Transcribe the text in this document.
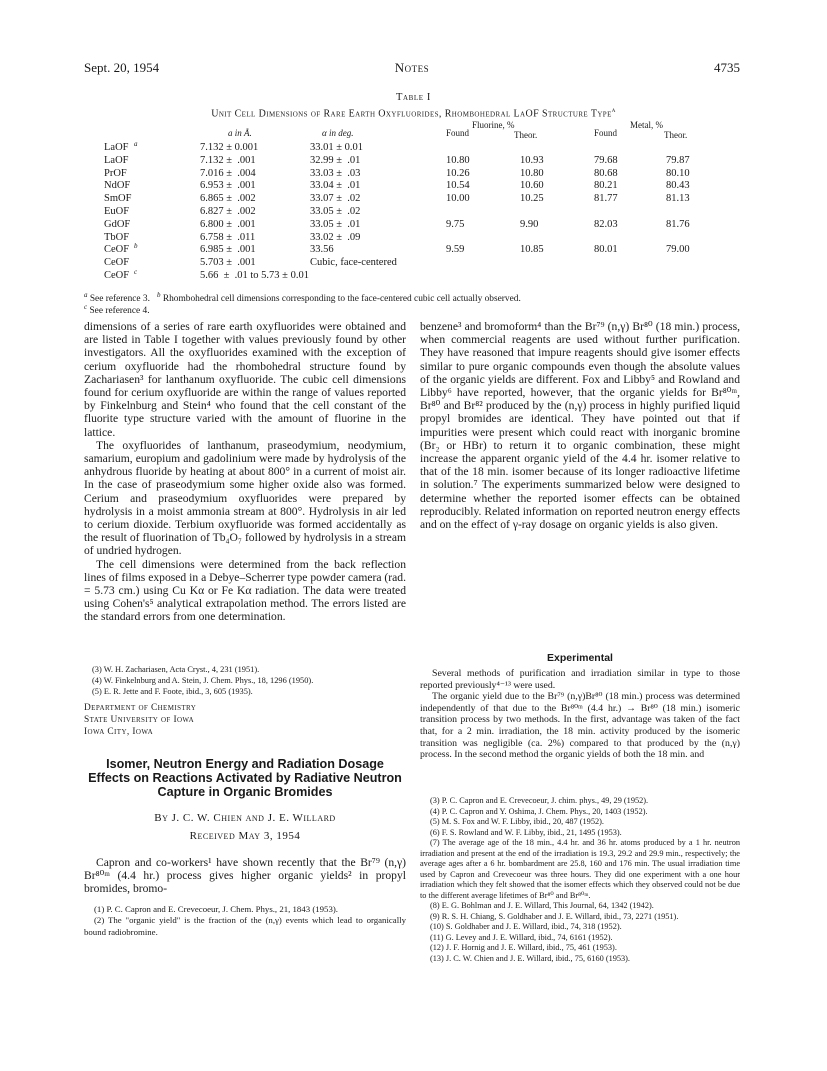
Sept. 20, 1954	Notes	4735
Table I
Unit Cell Dimensions of Rare Earth Oxyfluorides, Rhombohedral LaOF Structure Type$^a$
Fluorine, %	Metal, %
a in Å.	α in deg.	Found	Theor.	Found	Theor.
a
LaOF	7.132 ± 0.001	33.01 ± 0.01
LaOF	7.132 ±  .001	32.99 ±  .01	10.80	10.93	79.68	79.87
PrOF	7.016 ±  .004	33.03 ±  .03	10.26	10.80	80.68	80.10
NdOF	6.953 ±  .001	33.04 ±  .01	10.54	10.60	80.21	80.43
SmOF	6.865 ±  .002	33.07 ±  .02	10.00	10.25	81.77	81.13
EuOF	6.827 ±  .002	33.05 ±  .02
GdOF	6.800 ±  .001	33.05 ±  .01	9.75	9.90	82.03	81.76
TbOF	6.758 ±  .011	33.02 ±  .09
b
CeOF	6.985 ±  .001	33.56	9.59	10.85	80.01	79.00
CeOF	5.703 ±  .001	Cubic, face-centered
c
CeOF	5.66  ±  .01 to 5.73 ± 0.01
$^a$ See reference 3. $^b$ Rhombohedral cell dimensions corresponding to the face-centered cubic cell actually observed.
$^c$ See reference 4.

dimensions of a series of rare earth oxyfluorides were obtained and are listed in Table I together with values previously found by other investigators. All the oxyfluorides examined with the exception of cerium oxyfluoride had the rhombohedral structure found by Zachariasen³ for lanthanum oxyfluoride. The cubic cell dimensions found for cerium oxyfluoride are within the range of values reported by Finkelnburg and Stein⁴ who found that the cell constant of the fluorite type structure varied with the amount of fluorine in the lattice.

The oxyfluorides of lanthanum, praseodymium, neodymium, samarium, europium and gadolinium were made by hydrolysis of the anhydrous fluoride by heating at about 800° in a current of moist air. In the case of praseodymium some higher oxide also was formed. Cerium and praseodymium oxyfluorides were prepared by hydrolysis in a moist ammonia stream at 800°. Hydrolysis in air led to cerium dioxide. Terbium oxyfluoride was formed accidentally as the result of fluorination of Tb₄O₇ followed by hydrolysis in a stream of undried hydrogen.

The cell dimensions were determined from the back reflection lines of films exposed in a Debye–Scherrer type powder camera (rad. = 5.73 cm.) using Cu Kα or Fe Kα radiation. The data were treated using Cohen's⁵ analytical extrapolation method. The errors listed are the standard errors from one determination.

(3) W. H. Zachariasen, Acta Cryst., 4, 231 (1951).
(4) W. Finkelnburg and A. Stein, J. Chem. Phys., 18, 1296 (1950).
(5) E. R. Jette and F. Foote, ibid., 3, 605 (1935).
Department of Chemistry
State University of Iowa
Iowa City, Iowa
Isomer, Neutron Energy and Radiation Dosage Effects on Reactions Activated by Radiative Neutron Capture in Organic Bromides
By J. C. W. Chien and J. E. Willard
Received May 3, 1954

Capron and co-workers¹ have shown recently that the Br⁷⁹ (n,γ) Br⁸⁰ᵐ (4.4 hr.) process gives higher organic yields² in propyl bromides, bromo-

(1) P. C. Capron and E. Crevecoeur, J. Chem. Phys., 21, 1843 (1953).
(2) The "organic yield" is the fraction of the (n,γ) events which lead to organically bound radiobromine.

benzene³ and bromoform⁴ than the Br⁷⁹ (n,γ) Br⁸⁰ (18 min.) process, when commercial reagents are used without further purification. They have reasoned that impure reagents should give isomer effects similar to pure organic compounds even though the absolute values of the organic yields are different. Fox and Libby⁵ and Rowland and Libby⁶ have reported, however, that the organic yields for Br⁸⁰ᵐ, Br⁸⁰ and Br⁸² produced by the (n,γ) process in highly purified liquid propyl bromides are identical. They have pointed out that if impurities were present which could react with inorganic bromine (Br₂ or HBr) to return it to organic combination, these might increase the apparent organic yield of the 4.4 hr. isomer relative to that of the 18 min. isomer because of its longer radioactive lifetime in solution.⁷ The experiments summarized below were designed to determine whether the reported isomer effects can be obtained reproducibly. Related information on reported neutron energy effects and on the effect of γ-ray dosage on organic yields is also given.

Experimental
Several methods of purification and irradiation similar in type to those reported previously⁴⁻¹³ were used.
The organic yield due to the Br⁷⁹ (n,γ)Br⁸⁰ (18 min.) process was determined independently of that due to the Br⁸⁰ᵐ (4.4 hr.) → Br⁸⁰ (18 min.) isomeric transition process by two methods. In the first, advantage was taken of the fact that, for a 2 min. irradiation, the 18 min. activity produced by the isomeric transition was negligible (ca. 2%) compared to that produced by the (n,γ) process. In the second method the organic yields of both the 18 min. and
(3) P. C. Capron and E. Crevecoeur, J. chim. phys., 49, 29 (1952).
(4) P. C. Capron and Y. Oshima, J. Chem. Phys., 20, 1403 (1952).
(5) M. S. Fox and W. F. Libby, ibid., 20, 487 (1952).
(6) F. S. Rowland and W. F. Libby, ibid., 21, 1495 (1953).
(7) The average age of the 18 min., 4.4 hr. and 36 hr. atoms produced by a 1 hr. neutron irradiation and present at the end of the irradiation is 19.3, 29.2 and 29.9 min., respectively; the average ages after a 6 hr. bombardment are 25.8, 160 and 176 min. The usual irradiation time used by Capron and Crevecoeur was three hours. They did one experiment with a one hour irradiation which they felt showed that the isomer effects which they observed could not be due to the different average lifetimes of Br⁸⁰ and Br⁸⁰ᵐ.
(8) E. G. Bohlman and J. E. Willard, This Journal, 64, 1342 (1942).
(9) R. S. H. Chiang, S. Goldhaber and J. E. Willard, ibid., 73, 2271 (1951).
(10) S. Goldhaber and J. E. Willard, ibid., 74, 318 (1952).
(11) G. Levey and J. E. Willard, ibid., 74, 6161 (1952).
(12) J. F. Hornig and J. E. Willard, ibid., 75, 461 (1953).
(13) J. C. W. Chien and J. E. Willard, ibid., 75, 6160 (1953).
